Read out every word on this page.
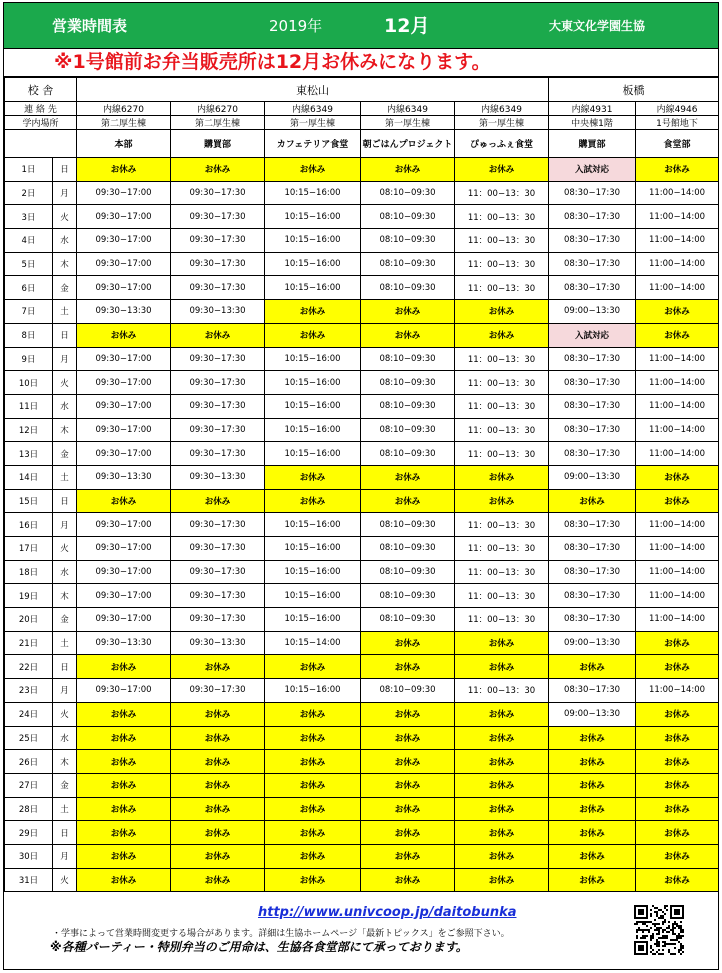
営業時間表	2019年	12月	大東文化学園生協
※1号館前お弁当販売所は12月お休みになります。
校 舎		東松山					板橋	
連 絡 先		内線6270	内線6270	内線6349	内線6349	内線6349	内線4931	内線4946
学内場所		第二厚生棟	第二厚生棟	第一厚生棟	第一厚生棟	第一厚生棟	中央棟1階	1号館地下
		本部	購買部	カフェテリア食堂	朝ごはんプロジェクト	ぴゅっふぇ食堂	購買部	食堂部
1日	日	お休み	お休み	お休み	お休み	お休み	入試対応	お休み
2日	月	09:30−17:00	09:30−17:30	10:15−16:00	08:10−09:30	11：00−13：30	08:30−17:30	11:00−14:00
3日	火	09:30−17:00	09:30−17:30	10:15−16:00	08:10−09:30	11：00−13：30	08:30−17:30	11:00−14:00
4日	水	09:30−17:00	09:30−17:30	10:15−16:00	08:10−09:30	11：00−13：30	08:30−17:30	11:00−14:00
5日	木	09:30−17:00	09:30−17:30	10:15−16:00	08:10−09:30	11：00−13：30	08:30−17:30	11:00−14:00
6日	金	09:30−17:00	09:30−17:30	10:15−16:00	08:10−09:30	11：00−13：30	08:30−17:30	11:00−14:00
7日	土	09:30−13:30	09:30−13:30	お休み	お休み	お休み	09:00−13:30	お休み
8日	日	お休み	お休み	お休み	お休み	お休み	入試対応	お休み
9日	月	09:30−17:00	09:30−17:30	10:15−16:00	08:10−09:30	11：00−13：30	08:30−17:30	11:00−14:00
10日	火	09:30−17:00	09:30−17:30	10:15−16:00	08:10−09:30	11：00−13：30	08:30−17:30	11:00−14:00
11日	水	09:30−17:00	09:30−17:30	10:15−16:00	08:10−09:30	11：00−13：30	08:30−17:30	11:00−14:00
12日	木	09:30−17:00	09:30−17:30	10:15−16:00	08:10−09:30	11：00−13：30	08:30−17:30	11:00−14:00
13日	金	09:30−17:00	09:30−17:30	10:15−16:00	08:10−09:30	11：00−13：30	08:30−17:30	11:00−14:00
14日	土	09:30−13:30	09:30−13:30	お休み	お休み	お休み	09:00−13:30	お休み
15日	日	お休み	お休み	お休み	お休み	お休み	お休み	お休み
16日	月	09:30−17:00	09:30−17:30	10:15−16:00	08:10−09:30	11：00−13：30	08:30−17:30	11:00−14:00
17日	火	09:30−17:00	09:30−17:30	10:15−16:00	08:10−09:30	11：00−13：30	08:30−17:30	11:00−14:00
18日	水	09:30−17:00	09:30−17:30	10:15−16:00	08:10−09:30	11：00−13：30	08:30−17:30	11:00−14:00
19日	木	09:30−17:00	09:30−17:30	10:15−16:00	08:10−09:30	11：00−13：30	08:30−17:30	11:00−14:00
20日	金	09:30−17:00	09:30−17:30	10:15−16:00	08:10−09:30	11：00−13：30	08:30−17:30	11:00−14:00
21日	土	09:30−13:30	09:30−13:30	10:15−14:00	お休み	お休み	09:00−13:30	お休み
22日	日	お休み	お休み	お休み	お休み	お休み	お休み	お休み
23日	月	09:30−17:00	09:30−17:30	10:15−16:00	08:10−09:30	11：00−13：30	08:30−17:30	11:00−14:00
24日	火	お休み	お休み	お休み	お休み	お休み	09:00−13:30	お休み
25日	水	お休み	お休み	お休み	お休み	お休み	お休み	お休み
26日	木	お休み	お休み	お休み	お休み	お休み	お休み	お休み
27日	金	お休み	お休み	お休み	お休み	お休み	お休み	お休み
28日	土	お休み	お休み	お休み	お休み	お休み	お休み	お休み
29日	日	お休み	お休み	お休み	お休み	お休み	お休み	お休み
30日	月	お休み	お休み	お休み	お休み	お休み	お休み	お休み
31日	火	お休み	お休み	お休み	お休み	お休み	お休み	お休み
http://www.univcoop.jp/daitobunka
・学事によって営業時間変更する場合があります。詳細は生協ホームページ「最新トピックス」をご参照下さい。
※各種パーティー・特別弁当のご用命は、生協各食堂部にて承っております。
